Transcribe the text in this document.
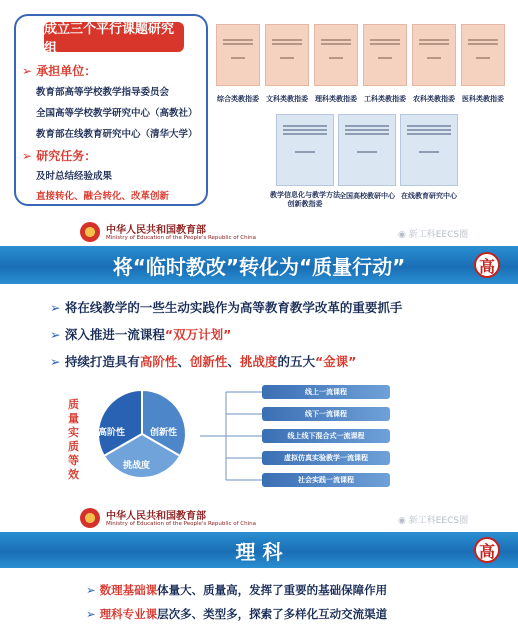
成立三个平行课题研究组
➢ 承担单位：
教育部高等学校教学指导委员会
全国高等学校教学研究中心（高教社）
教育部在线教育研究中心（清华大学）
➢ 研究任务：
及时总结经验成果
直接转化、融合转化、改革创新
综合类教指委	文科类教指委	理科类教指委	工科类教指委	农科类教指委	医科类教指委
教学信息化与教学方法创新教指委
全国高校教研中心 在线教育研究中心
中华人民共和国教育部
Ministry of Education of the People's Republic of China	◉ 新工科EECS圈
将“临时教改”转化为“质量行动”	高
➢ 将在线教学的一些生动实践作为高等教育教学改革的重要抓手
➢ 深入推进一流课程“双万计划”
➢ 持续打造具有高阶性、创新性、挑战度的五大“金课”
质量实质等效
高阶性	创新性
挑战度
线上一流课程
线下一流课程
线上线下混合式一流课程
虚拟仿真实验教学一流课程
社会实践一流课程
中华人民共和国教育部
Ministry of Education of the People's Republic of China	◉ 新工科EECS圈
理 科	高
➢ 数理基础课体量大、质量高，发挥了重要的基础保障作用
➢ 理科专业课层次多、类型多，探索了多样化互动交流渠道
